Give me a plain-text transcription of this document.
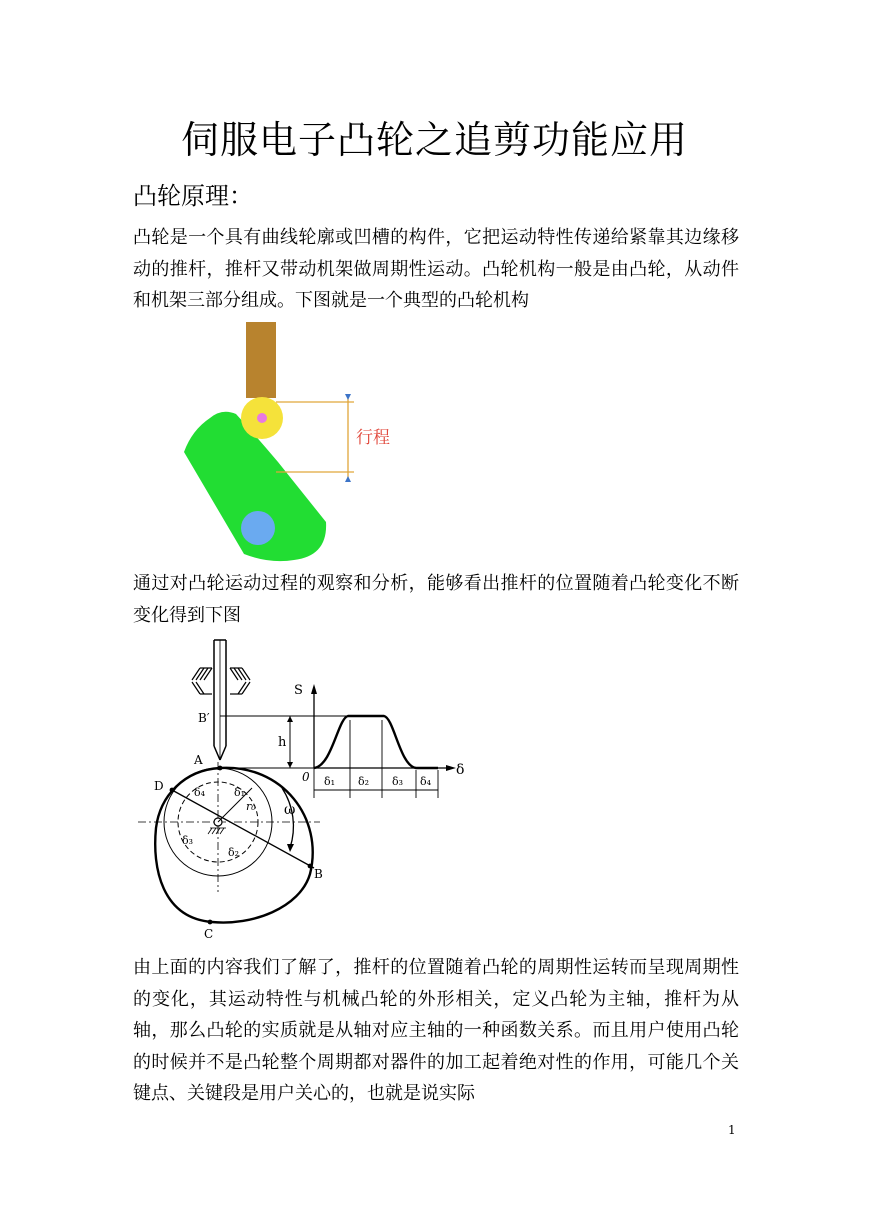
伺服电子凸轮之追剪功能应用
凸轮原理：
凸轮是一个具有曲线轮廓或凹槽的构件，它把运动特性传递给紧靠其边缘移动的推杆，推杆又带动机架做周期性运动。凸轮机构一般是由凸轮，从动件和机架三部分组成。下图就是一个典型的凸轮机构
行程
通过对凸轮运动过程的观察和分析，能够看出推杆的位置随着凸轮变化不断变化得到下图
S
δ
0
h
B′
A
B
C
D
ω
r₀
δ₄	δ₁
δ₃
δ₂
δ₁ δ₂ δ₃ δ₄
由上面的内容我们了解了，推杆的位置随着凸轮的周期性运转而呈现周期性的变化，其运动特性与机械凸轮的外形相关，定义凸轮为主轴，推杆为从轴，那么凸轮的实质就是从轴对应主轴的一种函数关系。而且用户使用凸轮的时候并不是凸轮整个周期都对器件的加工起着绝对性的作用，可能几个关键点、关键段是用户关心的，也就是说实际
1
